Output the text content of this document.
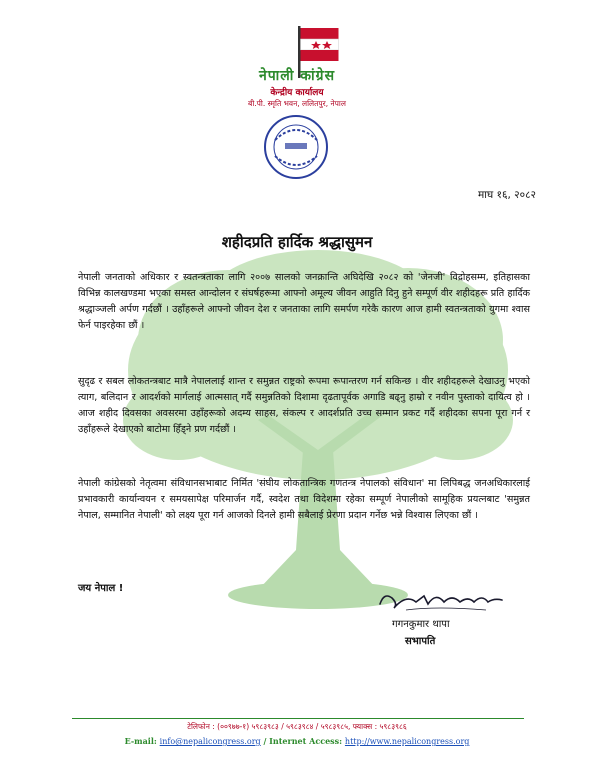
नेपाली कांग्रेस
केन्द्रीय कार्यालय
बी.पी. स्मृति भवन, ललितपुर, नेपाल
माघ १६, २०८२
शहीदप्रति हार्दिक श्रद्धासुमन

नेपाली जनताको अधिकार र स्वतन्त्रताका लागि २००७ सालको जनक्रान्ति अघिदेखि २०८२ को 'जेनजी' विद्रोहसम्म, इतिहासका विभिन्न कालखण्डमा भएका समस्त आन्दोलन र संघर्षहरूमा आफ्नो अमूल्य जीवन आहुति दिनु हुने सम्पूर्ण वीर शहीदहरू प्रति हार्दिक श्रद्धाञ्जली अर्पण गर्दछौं । उहाँहरूले आफ्नो जीवन देश र जनताका लागि समर्पण गरेकै कारण आज हामी स्वतन्त्रताको युगमा श्वास फेर्न पाइरहेका छौं ।

सुदृढ र सबल लोकतन्त्रबाट मात्रै नेपाललाई शान्त र समुन्नत राष्ट्रको रूपमा रूपान्तरण गर्न सकिन्छ । वीर शहीदहरूले देखाउनु भएको त्याग, बलिदान र आदर्शको मार्गलाई आत्मसात् गर्दै समुन्नतिको दिशामा दृढतापूर्वक अगाडि बढ्नु हाम्रो र नवीन पुस्ताको दायित्व हो । आज शहीद दिवसका अवसरमा उहाँहरूको अदम्य साहस, संकल्प र आदर्शप्रति उच्च सम्मान प्रकट गर्दै शहीदका सपना पूरा गर्न र उहाँहरूले देखाएको बाटोमा हिँड्ने प्रण गर्दछौं ।

नेपाली कांग्रेसको नेतृत्वमा संविधानसभाबाट निर्मित 'संघीय लोकतान्त्रिक गणतन्त्र नेपालको संविधान' मा लिपिबद्ध जनअधिकारलाई प्रभावकारी कार्यान्वयन र समयसापेक्ष परिमार्जन गर्दै, स्वदेश तथा विदेशमा रहेका सम्पूर्ण नेपालीको सामूहिक प्रयत्नबाट 'समुन्नत नेपाल, सम्मानित नेपाली' को लक्ष्य पूरा गर्न आजको दिनले हामी सबैलाई प्रेरणा प्रदान गर्नेछ भन्ने विश्वास लिएका छौं ।

जय नेपाल !
गगनकुमार थापा
सभापति
टेलिफोन : (००९७७-१) ५९८३९८३ / ५९८३९८४ / ५९८३९८५, फ्याक्स : ५९८३९८६
E-mail: info@nepalicongress.org / Internet Access: http://www.nepalicongress.org
